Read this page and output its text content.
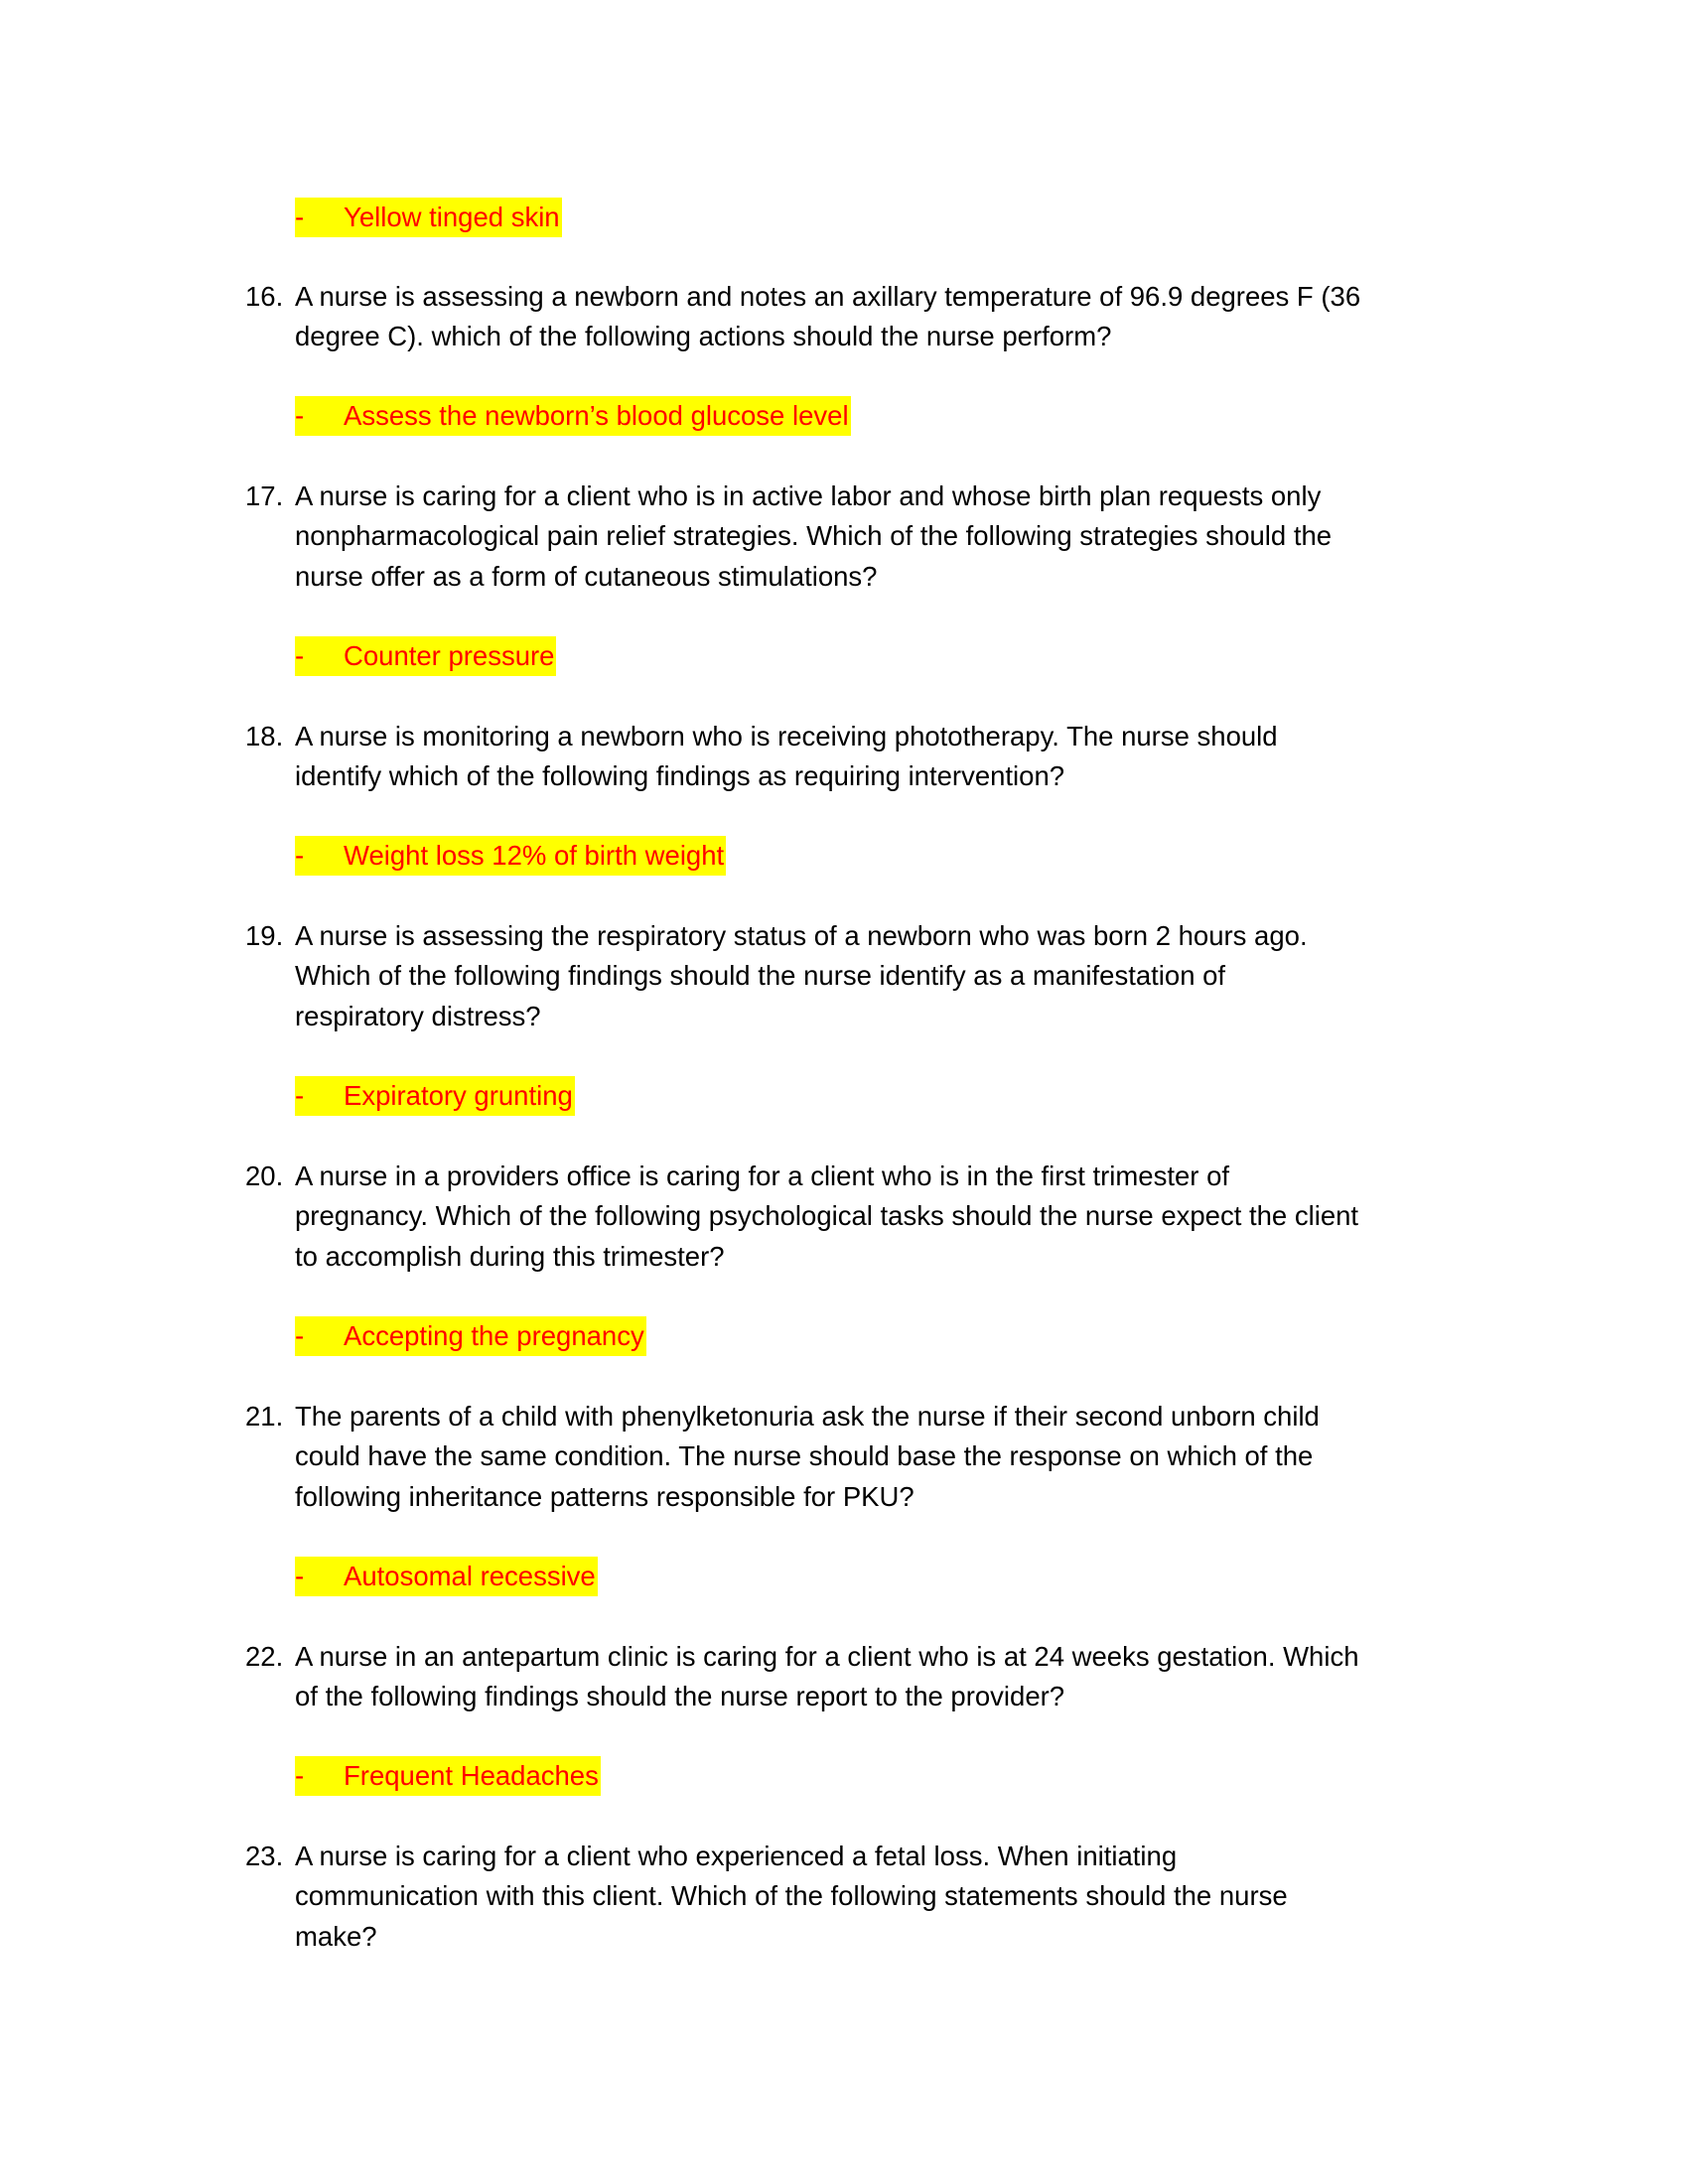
- Yellow tinged skin
16. A nurse is assessing a newborn and notes an axillary temperature of 96.9 degrees F (36
degree C). which of the following actions should the nurse perform?
- Assess the newborn’s blood glucose level
17. A nurse is caring for a client who is in active labor and whose birth plan requests only
nonpharmacological pain relief strategies. Which of the following strategies should the
nurse offer as a form of cutaneous stimulations?
- Counter pressure
18. A nurse is monitoring a newborn who is receiving phototherapy. The nurse should
identify which of the following findings as requiring intervention?
- Weight loss 12% of birth weight
19. A nurse is assessing the respiratory status of a newborn who was born 2 hours ago.
Which of the following findings should the nurse identify as a manifestation of
respiratory distress?
- Expiratory grunting
20. A nurse in a providers office is caring for a client who is in the first trimester of
pregnancy. Which of the following psychological tasks should the nurse expect the client
to accomplish during this trimester?
- Accepting the pregnancy
21. The parents of a child with phenylketonuria ask the nurse if their second unborn child
could have the same condition. The nurse should base the response on which of the
following inheritance patterns responsible for PKU?
- Autosomal recessive
22. A nurse in an antepartum clinic is caring for a client who is at 24 weeks gestation. Which
of the following findings should the nurse report to the provider?
- Frequent Headaches
23. A nurse is caring for a client who experienced a fetal loss. When initiating
communication with this client. Which of the following statements should the nurse
make?
